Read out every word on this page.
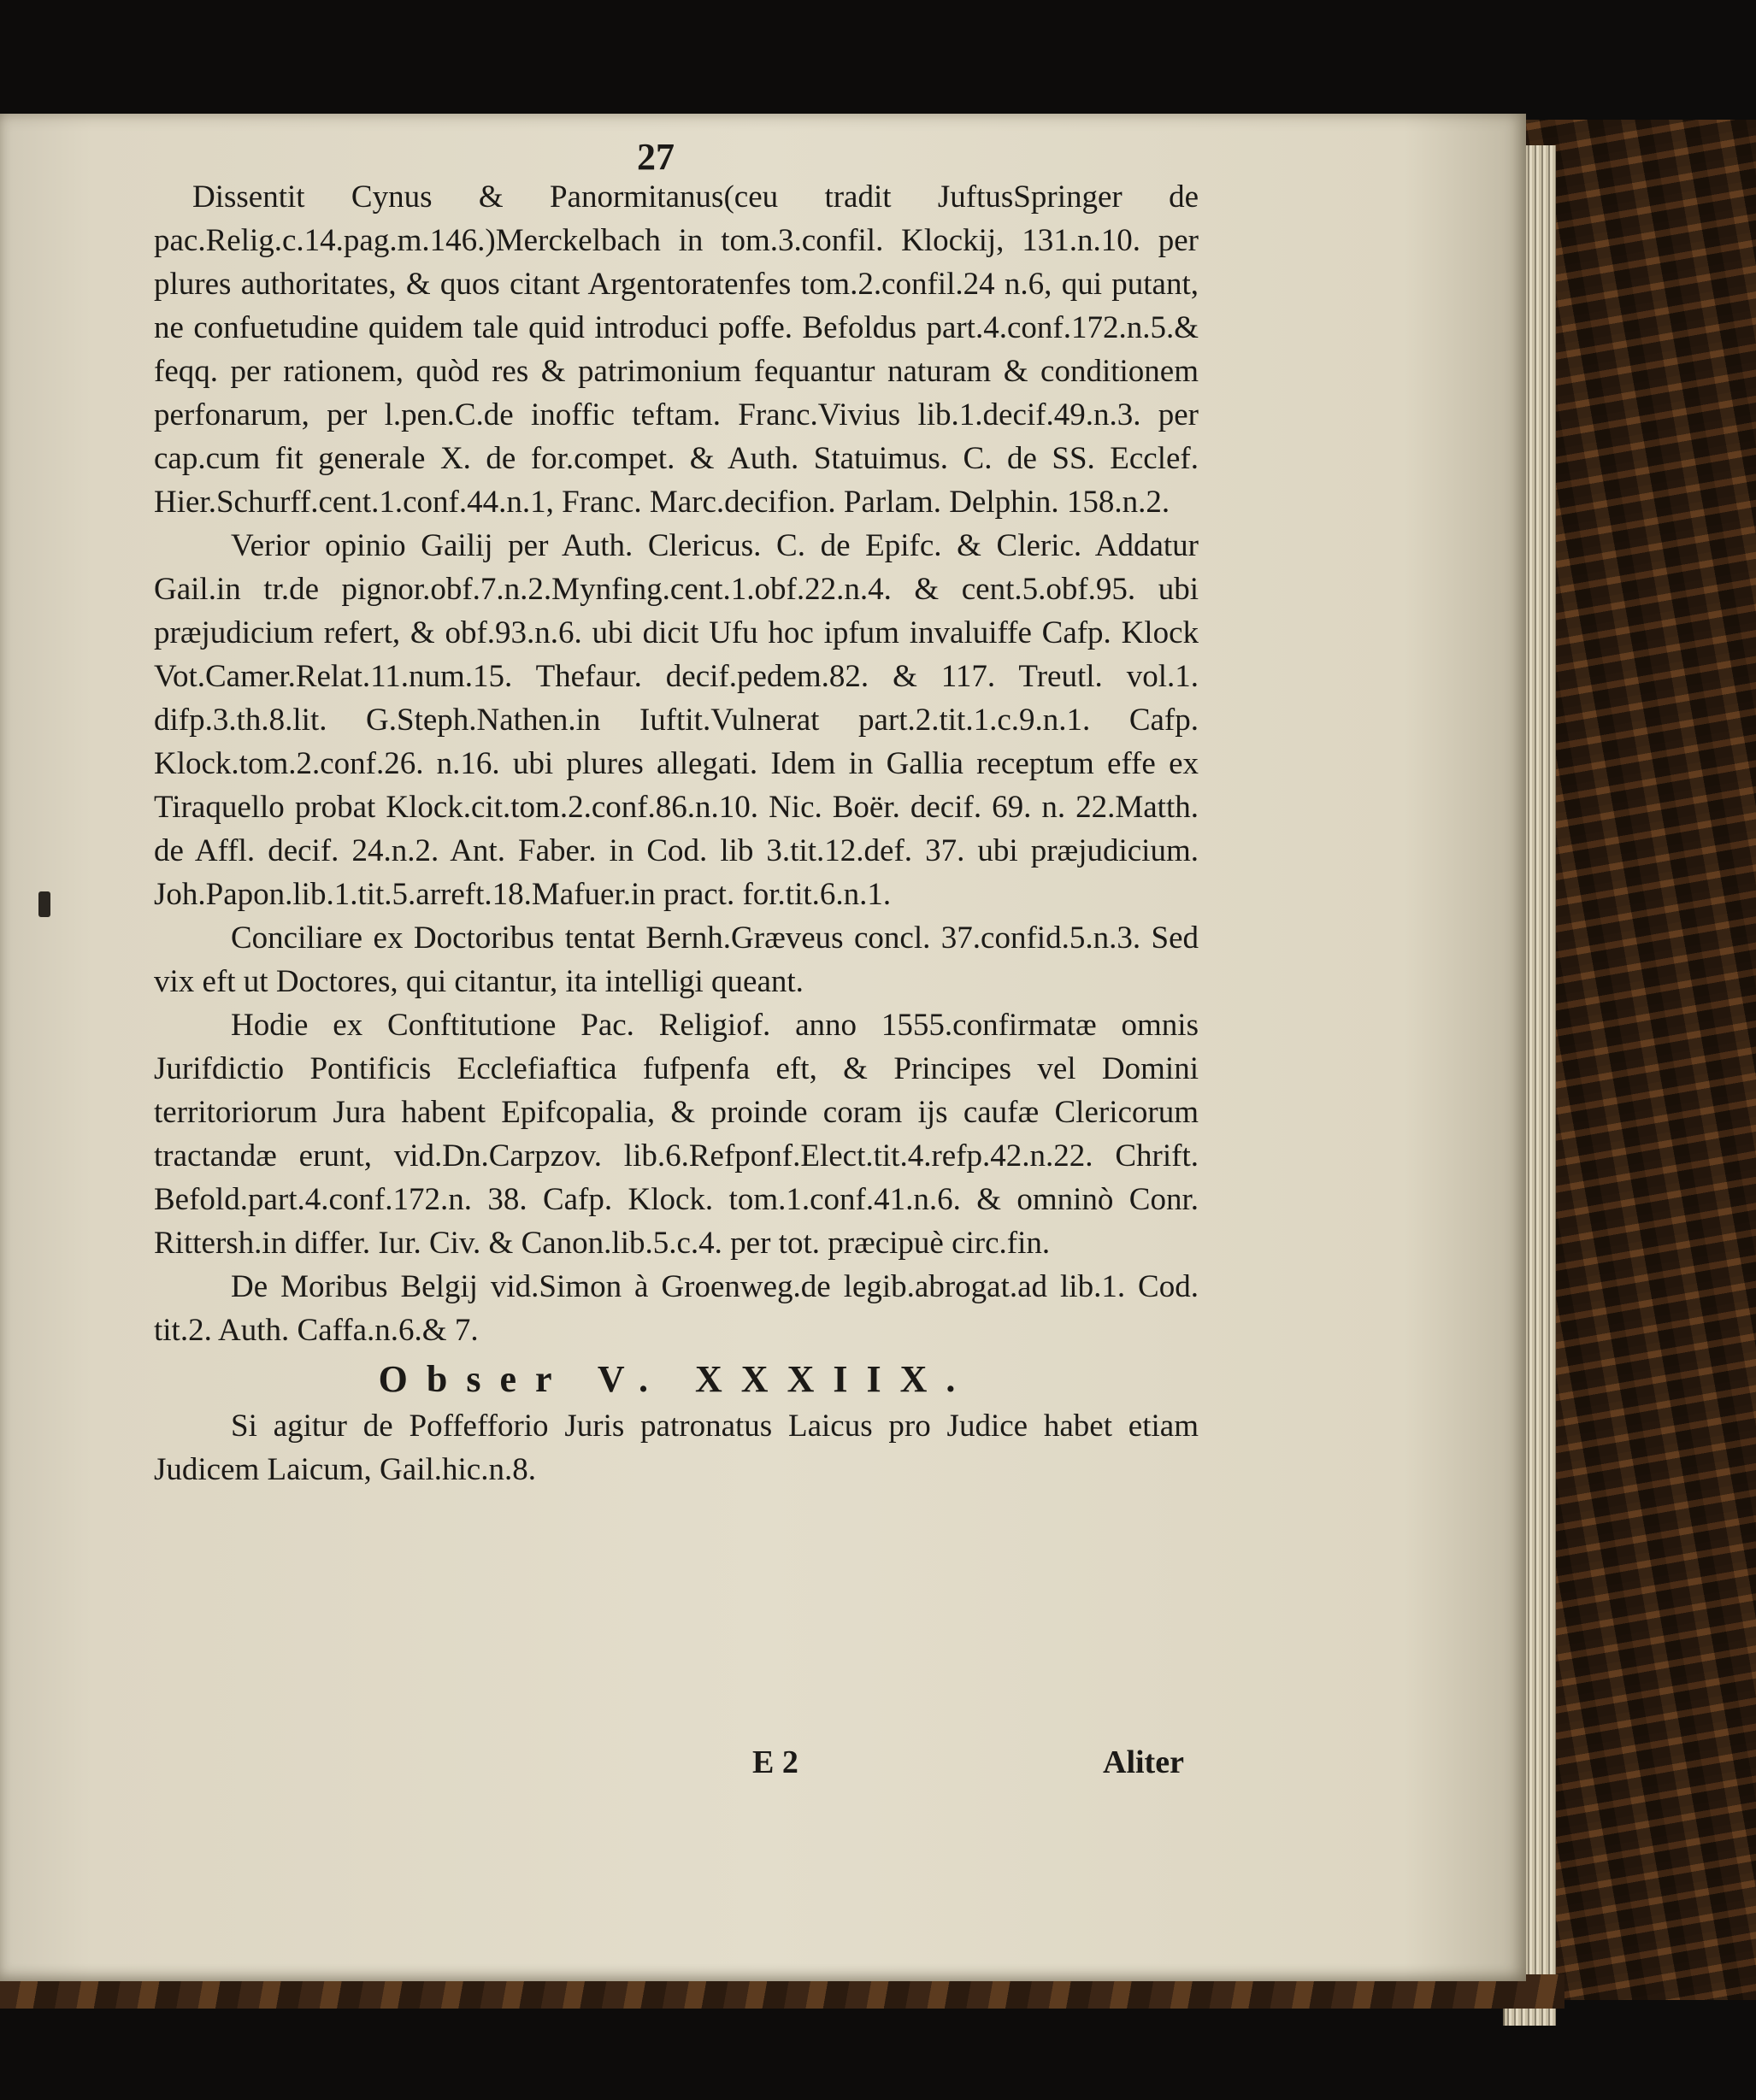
27

Dissentit Cynus & Panormitanus(ceu tradit JuftusSpringer de pac.Relig.c.14.pag.m.146.)Merckelbach in tom.3.confil. Klockij, 131.n.10. per plures authoritates, & quos citant Argentoratenfes tom.2.confil.24 n.6, qui putant, ne confuetudine quidem tale quid introduci poffe. Befoldus part.4.conf.172.n.5.& feqq. per rationem, quòd res & patrimonium fequantur naturam & conditionem perfonarum, per l.pen.C.de inoffic teftam. Franc.Vivius lib.1.decif.49.n.3. per cap.cum fit generale X. de for.compet. & Auth. Statuimus. C. de SS. Ecclef. Hier.Schurff.cent.1.conf.44.n.1, Franc. Marc.decifion. Parlam. Delphin. 158.n.2.

Verior opinio Gailij per Auth. Clericus. C. de Epifc. & Cleric. Addatur Gail.in tr.de pignor.obf.7.n.2.Mynfing.cent.1.obf.22.n.4. & cent.5.obf.95. ubi præjudicium refert, & obf.93.n.6. ubi dicit Ufu hoc ipfum invaluiffe Cafp. Klock Vot.Camer.Relat.11.num.15. Thefaur. decif.pedem.82. & 117. Treutl. vol.1. difp.3.th.8.lit. G.Steph.Nathen.in Iuftit.Vulnerat part.2.tit.1.c.9.n.1. Cafp. Klock.tom.2.conf.26. n.16. ubi plures allegati. Idem in Gallia receptum effe ex Tiraquello probat Klock.cit.tom.2.conf.86.n.10. Nic. Boër. decif. 69. n. 22.Matth. de Affl. decif. 24.n.2. Ant. Faber. in Cod. lib 3.tit.12.def. 37. ubi præjudicium. Joh.Papon.lib.1.tit.5.arreft.18.Mafuer.in pract. for.tit.6.n.1.

Conciliare ex Doctoribus tentat Bernh.Græveus concl. 37.confid.5.n.3. Sed vix eft ut Doctores, qui citantur, ita intelligi queant.

Hodie ex Conftitutione Pac. Religiof. anno 1555.confirmatæ omnis Jurifdictio Pontificis Ecclefiaftica fufpenfa eft, & Principes vel Domini territoriorum Jura habent Epifcopalia, & proinde coram ijs caufæ Clericorum tractandæ erunt, vid.Dn.Carpzov. lib.6.Refponf.Elect.tit.4.refp.42.n.22. Chrift. Befold.part.4.conf.172.n. 38. Cafp. Klock. tom.1.conf.41.n.6. & omninò Conr. Rittersh.in differ. Iur. Civ. & Canon.lib.5.c.4. per tot. præcipuè circ.fin.

De Moribus Belgij vid.Simon à Groenweg.de legib.abrogat.ad lib.1. Cod. tit.2. Auth. Caffa.n.6.& 7.

Obser V. XXXIIX.

Si agitur de Poffefforio Juris patronatus Laicus pro Judice habet etiam Judicem Laicum, Gail.hic.n.8.

E 2	Aliter
